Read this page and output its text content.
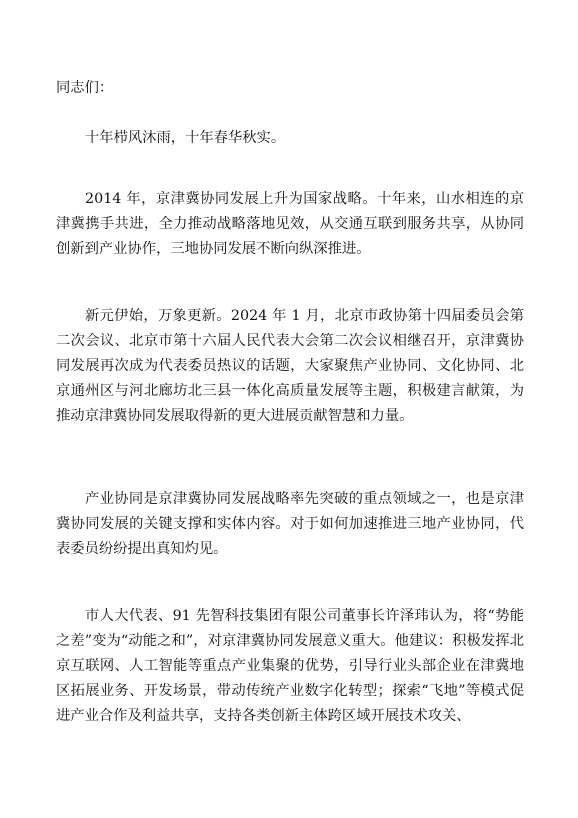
同志们：

十年栉风沐雨，十年春华秋实。

2014 年，京津冀协同发展上升为国家战略。十年来，山水相连的京津冀携手共进，全力推动战略落地见效，从交通互联到服务共享，从协同创新到产业协作，三地协同发展不断向纵深推进。

新元伊始，万象更新。2024 年 1 月，北京市政协第十四届委员会第二次会议、北京市第十六届人民代表大会第二次会议相继召开，京津冀协同发展再次成为代表委员热议的话题，大家聚焦产业协同、文化协同、北京通州区与河北廊坊北三县一体化高质量发展等主题，积极建言献策，为推动京津冀协同发展取得新的更大进展贡献智慧和力量。

产业协同是京津冀协同发展战略率先突破的重点领域之一，也是京津冀协同发展的关键支撑和实体内容。对于如何加速推进三地产业协同，代表委员纷纷提出真知灼见。

市人大代表、91 先智科技集团有限公司董事长许泽玮认为，将“势能之差”变为“动能之和”，对京津冀协同发展意义重大。他建议：积极发挥北京互联网、人工智能等重点产业集聚的优势，引导行业头部企业在津冀地区拓展业务、开发场景，带动传统产业数字化转型；探索“飞地”等模式促进产业合作及利益共享，支持各类创新主体跨区域开展技术攻关、
